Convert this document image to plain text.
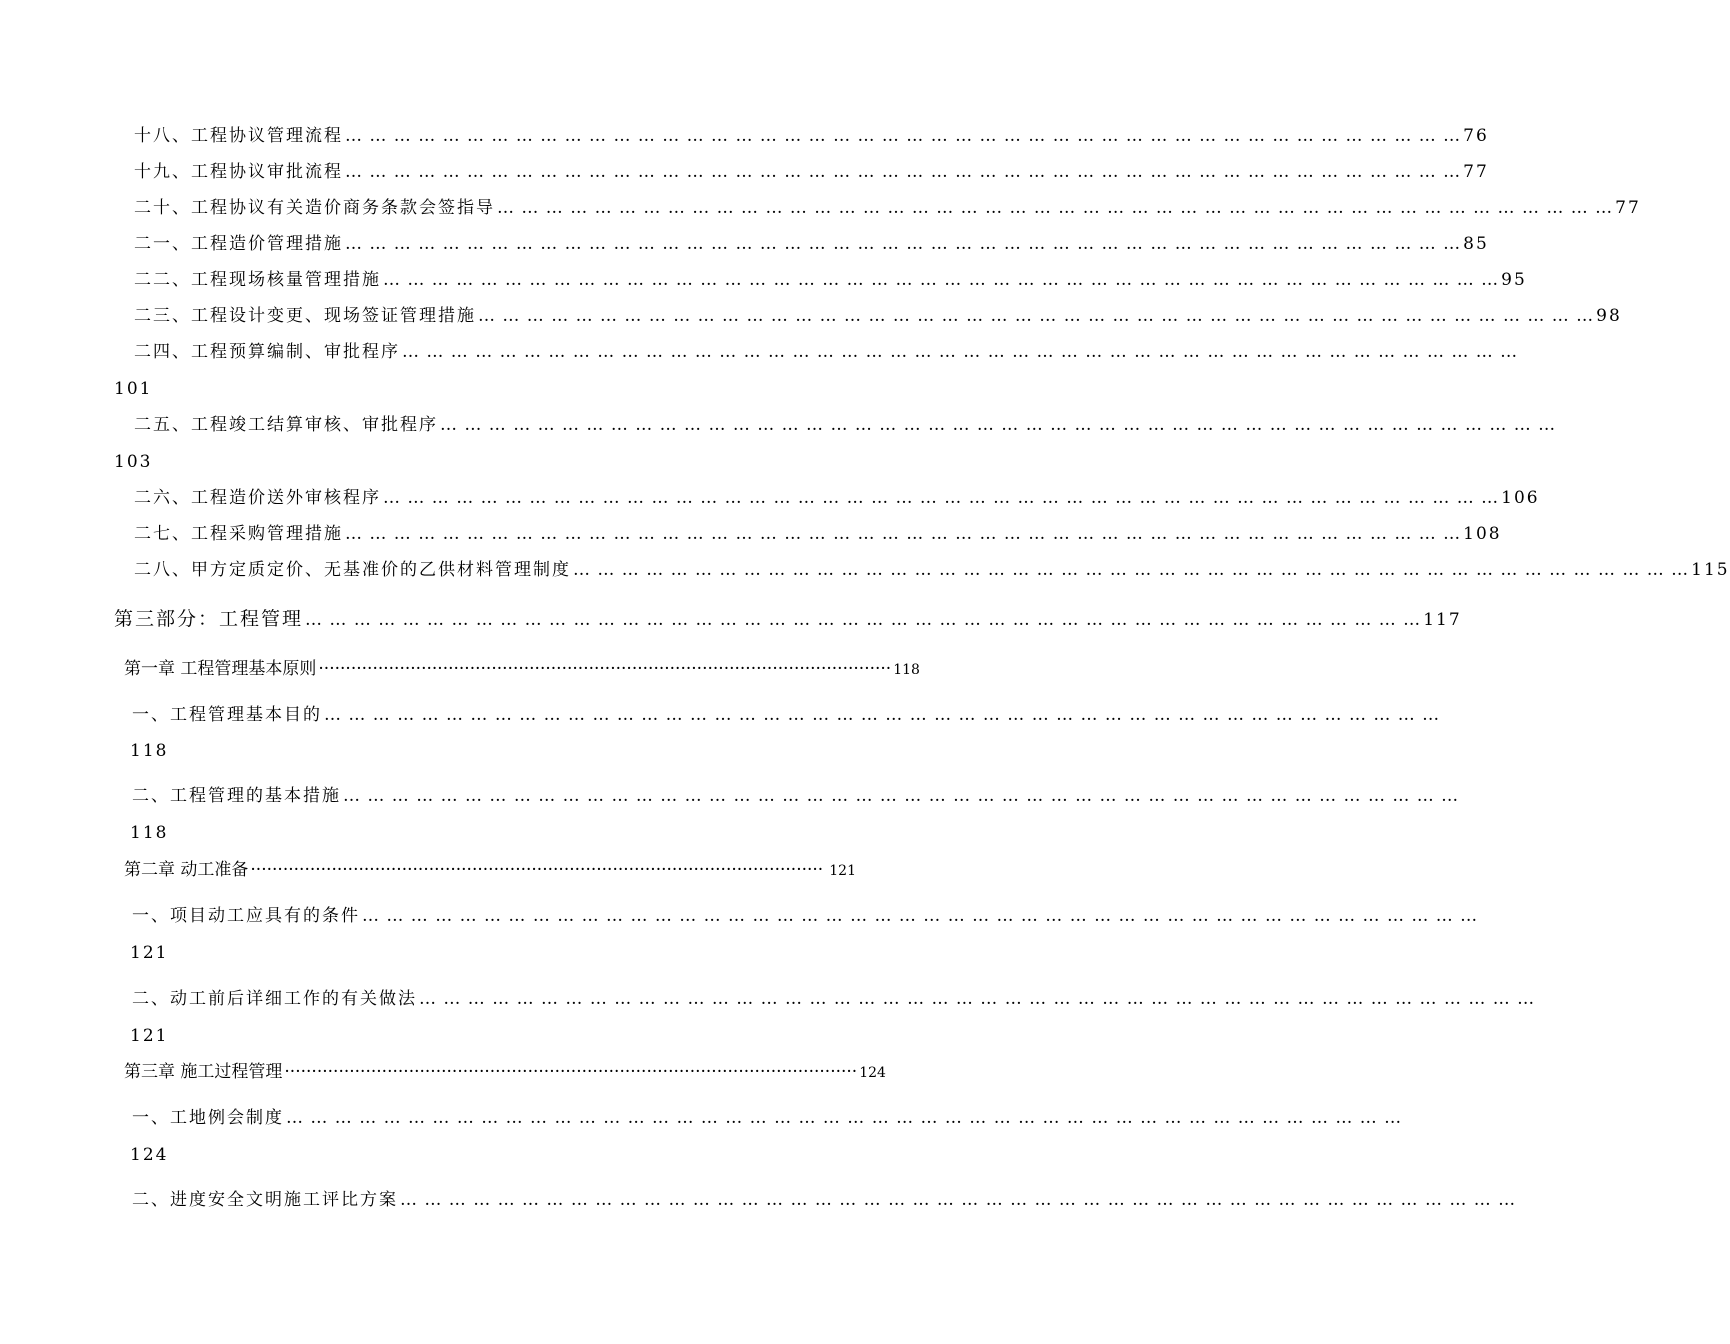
十八、工程协议管理流程 … … … … … … … … … … … … … … … … … … … … … … … … … … … … … … … … … … … … … … … … … … … … … … 76
十九、工程协议审批流程 … … … … … … … … … … … … … … … … … … … … … … … … … … … … … … … … … … … … … … … … … … … … … … 77
二十、工程协议有关造价商务条款会签指导 … … … … … … … … … … … … … … … … … … … … … … … … … … … … … … … … … … … … … … … … … … … … … … 77
二一、工程造价管理措施 … … … … … … … … … … … … … … … … … … … … … … … … … … … … … … … … … … … … … … … … … … … … … … 85
二二、工程现场核量管理措施 … … … … … … … … … … … … … … … … … … … … … … … … … … … … … … … … … … … … … … … … … … … … … … 95
二三、工程设计变更、现场签证管理措施 … … … … … … … … … … … … … … … … … … … … … … … … … … … … … … … … … … … … … … … … … … … … … … 98
二四、工程预算编制、审批程序 … … … … … … … … … … … … … … … … … … … … … … … … … … … … … … … … … … … … … … … … … … … … … …
101
二五、工程竣工结算审核、审批程序 … … … … … … … … … … … … … … … … … … … … … … … … … … … … … … … … … … … … … … … … … … … … … …
103
二六、工程造价送外审核程序 … … … … … … … … … … … … … … … … … … … … … … … … … … … … … … … … … … … … … … … … … … … … … … 106
二七、工程采购管理措施 … … … … … … … … … … … … … … … … … … … … … … … … … … … … … … … … … … … … … … … … … … … … … … 108
二八、甲方定质定价、无基准价的乙供材料管理制度 … … … … … … … … … … … … … … … … … … … … … … … … … … … … … … … … … … … … … … … … … … … … … … 115
第三部分：工程管理 … … … … … … … … … … … … … … … … … … … … … … … … … … … … … … … … … … … … … … … … … … … … … … 117
第一章 工程管理基本原则 ·········································································································· 118
一、工程管理基本目的 … … … … … … … … … … … … … … … … … … … … … … … … … … … … … … … … … … … … … … … … … … … … … …
118
二、工程管理的基本措施 … … … … … … … … … … … … … … … … … … … … … … … … … … … … … … … … … … … … … … … … … … … … … …
118
第二章 动工准备 ·········································································································· 121
一、项目动工应具有的条件 … … … … … … … … … … … … … … … … … … … … … … … … … … … … … … … … … … … … … … … … … … … … … …
121
二、动工前后详细工作的有关做法 … … … … … … … … … … … … … … … … … … … … … … … … … … … … … … … … … … … … … … … … … … … … … …
121
第三章 施工过程管理 ·········································································································· 124
一、工地例会制度 … … … … … … … … … … … … … … … … … … … … … … … … … … … … … … … … … … … … … … … … … … … … … …
124
二、进度安全文明施工评比方案 … … … … … … … … … … … … … … … … … … … … … … … … … … … … … … … … … … … … … … … … … … … … … …
